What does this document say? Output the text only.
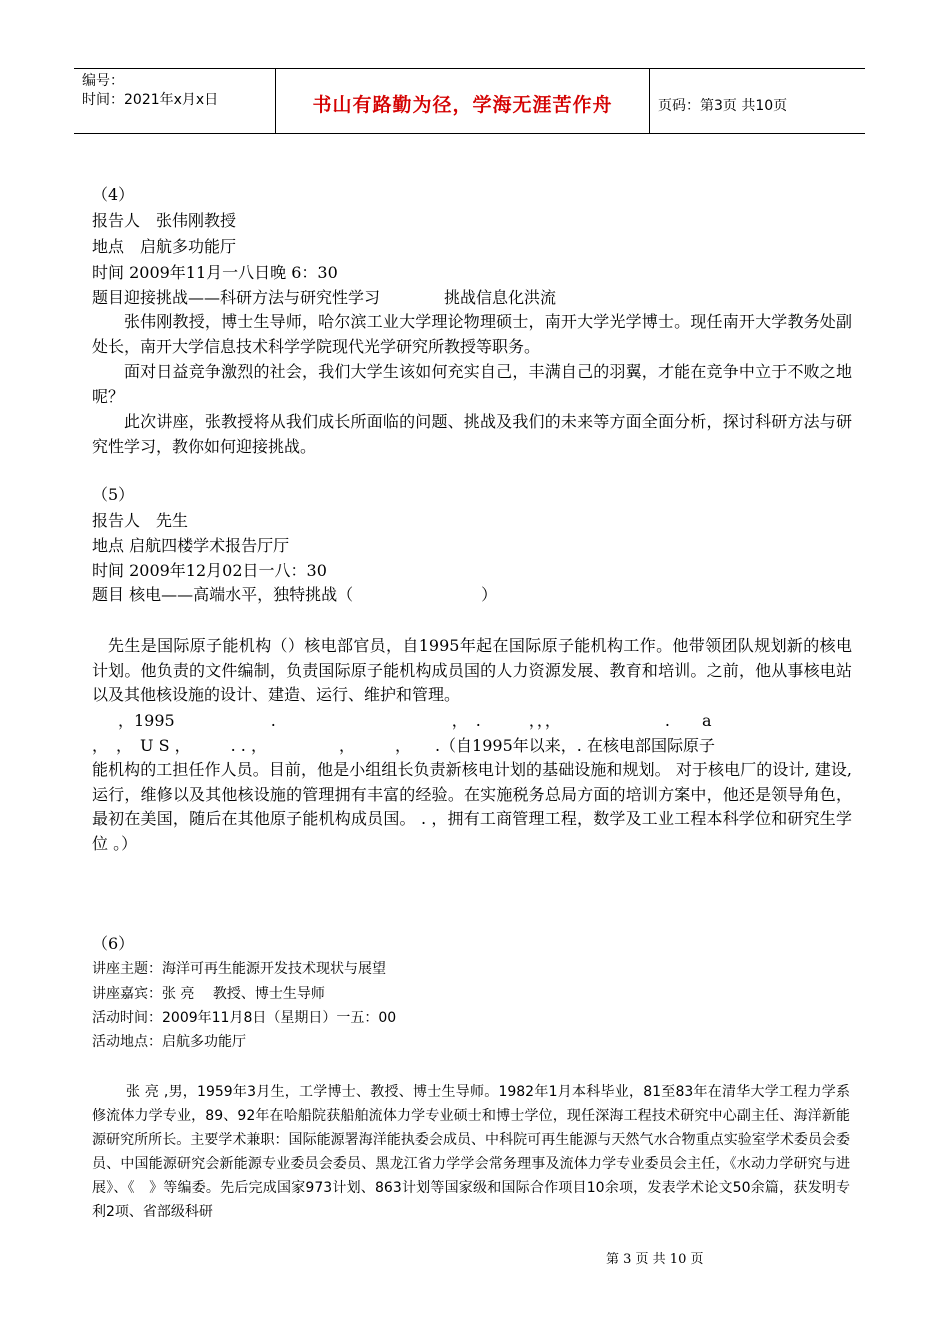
编号：
时间：2021年x月x日	书山有路勤为径，学海无涯苦作舟	页码：第3页 共10页
（4）
报告人　张伟刚教授
地点　启航多功能厅
时间 2009年11月一八日晚 6：30
题目迎接挑战——科研方法与研究性学习　　　　挑战信息化洪流
张伟刚教授，博士生导师，哈尔滨工业大学理论物理硕士，南开大学光学博士。现任南开大学教务处副处长，南开大学信息技术科学学院现代光学研究所教授等职务。
面对日益竞争激烈的社会，我们大学生该如何充实自己，丰满自己的羽翼，才能在竞争中立于不败之地呢？
此次讲座，张教授将从我们成长所面临的问题、挑战及我们的未来等方面全面分析，探讨科研方法与研究性学习，教你如何迎接挑战。
（5）
报告人　先生
地点 启航四楼学术报告厅厅
时间 2009年12月02日一八：30
题目 核电——高端水平，独特挑战（　　　　　　　　）
先生是国际原子能机构（）核电部官员，自1995年起在国际原子能机构工作。他带领团队规划新的核电计划。他负责的文件编制，负责国际原子能机构成员国的人力资源发展、教育和培训。之前，他从事核电站以及其他核设施的设计、建造、运行、维护和管理。
，1995　　　　　　.　　　　　　　　　　　，　.　　　，，，　　　　　　　.　　a
，　，　U S ，　　　. . ，　　　　　，　　　，　　.（自1995年以来，. 在核电部国际原子
能机构的工担任作人员。目前，他是小组组长负责新核电计划的基础设施和规划。 对于核电厂的设计, 建设, 运行，维修以及其他核设施的管理拥有丰富的经验。在实施税务总局方面的培训方案中，他还是领导角色，最初在美国，随后在其他原子能机构成员国。 . ，拥有工商管理工程，数学及工业工程本科学位和研究生学位 。）
（6）
讲座主题：海洋可再生能源开发技术现状与展望
讲座嘉宾：张 亮　 教授、博士生导师
活动时间：2009年11月8日（星期日）一五：00
活动地点：启航多功能厅
张 亮 ,男，1959年3月生，工学博士、教授、博士生导师。1982年1月本科毕业，81至83年在清华大学工程力学系修流体力学专业，89、92年在哈船院获船舶流体力学专业硕士和博士学位，现任深海工程技术研究中心副主任、海洋新能源研究所所长。主要学术兼职：国际能源署海洋能执委会成员、中科院可再生能源与天然气水合物重点实验室学术委员会委员、中国能源研究会新能源专业委员会委员、黑龙江省力学学会常务理事及流体力学专业委员会主任，《水动力学研究与进展》、《　》等编委。先后完成国家973计划、863计划等国家级和国际合作项目10余项，发表学术论文50余篇，获发明专利2项、省部级科研
第 3 页 共 10 页
